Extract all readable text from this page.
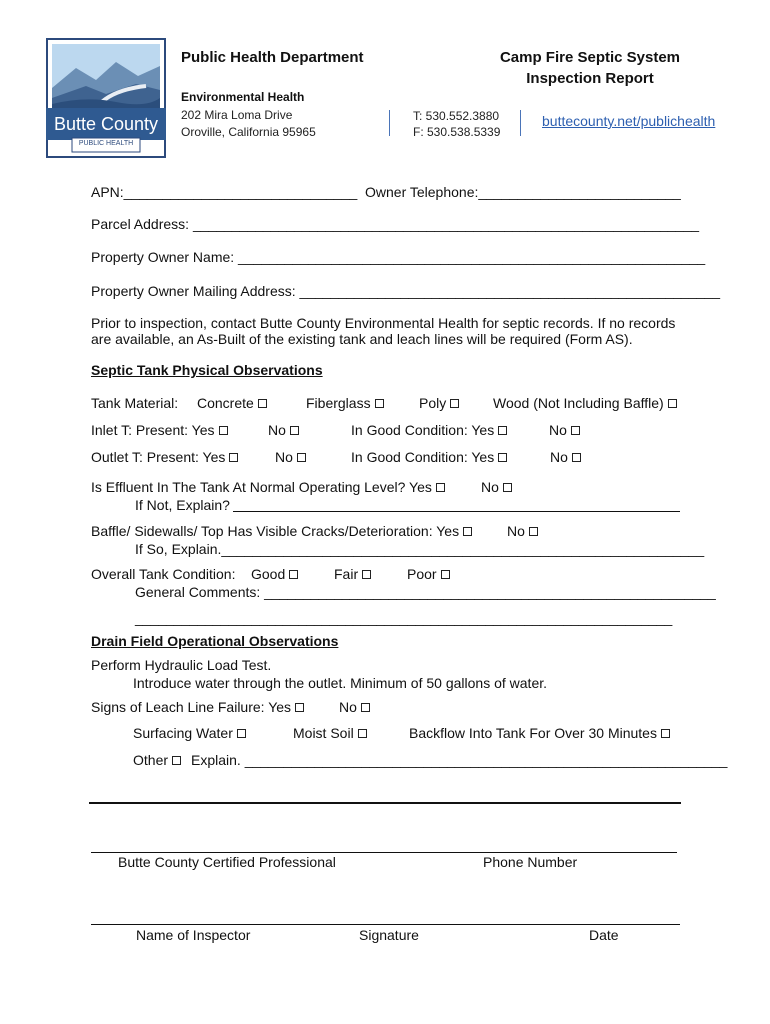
Butte County
PUBLIC HEALTH
Public Health Department
Environmental Health
202 Mira Loma Drive
Oroville, California 95965
T: 530.552.3880
F: 530.538.5339
buttecounty.net/publichealth
Camp Fire Septic System
Inspection Report
APN:______________________________ Owner Telephone:__________________________
Parcel Address: _________________________________________________________________
Property Owner Name: ____________________________________________________________
Property Owner Mailing Address: ______________________________________________________
Prior to inspection, contact Butte County Environmental Health for septic records. If no records
are available, an As-Built of the existing tank and leach lines will be required (Form AS).
Septic Tank Physical Observations
Tank Material: Concrete	Fiberglass	Poly	Wood (Not Including Baffle)
Inlet T: Present: Yes	No	In Good Condition: Yes	No
Outlet T: Present: Yes	No	In Good Condition: Yes	No
Is Effluent In The Tank At Normal Operating Level? Yes	No
If Not, Explain?
Baffle/ Sidewalls/ Top Has Visible Cracks/Deterioration: Yes	No
If So, Explain.______________________________________________________________
Overall Tank Condition: Good	Fair	Poor
General Comments: __________________________________________________________
_____________________________________________________________________
Drain Field Operational Observations
Perform Hydraulic Load Test.
Introduce water through the outlet. Minimum of 50 gallons of water.
Signs of Leach Line Failure: Yes	No
Surfacing Water	Moist Soil	Backflow Into Tank For Over 30 Minutes
Other	Explain. ______________________________________________________________
Butte County Certified Professional	Phone Number
Name of Inspector	Signature	Date
